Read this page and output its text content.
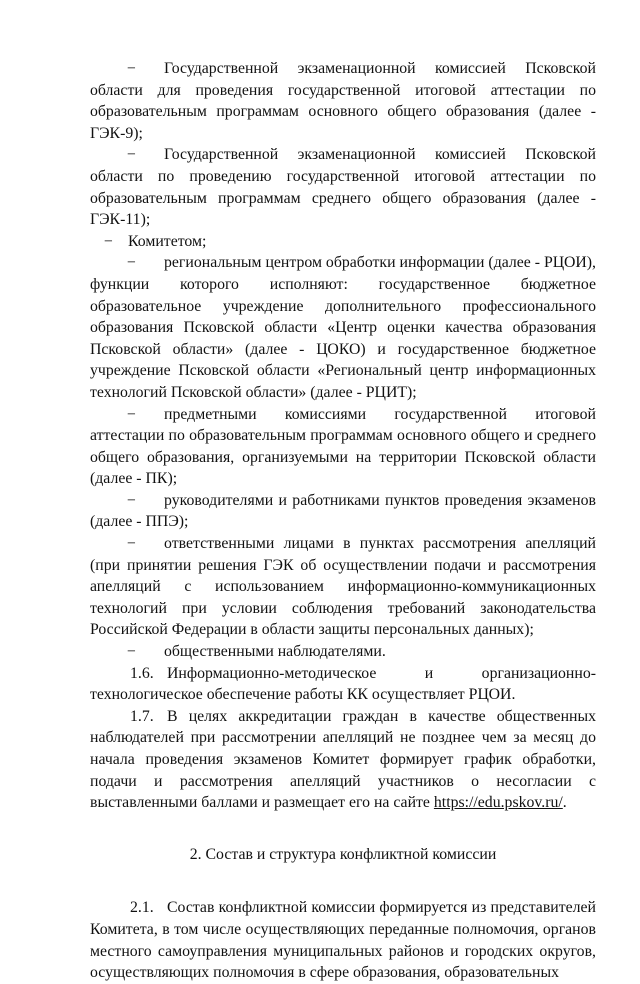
− Государственной экзаменационной комиссией Псковской области для проведения государственной итоговой аттестации по образовательным программам основного общего образования (далее - ГЭК-9);

− Государственной экзаменационной комиссией Псковской области по проведению государственной итоговой аттестации по образовательным программам среднего общего образования (далее - ГЭК-11);

− Комитетом;

− региональным центром обработки информации (далее - РЦОИ), функции которого исполняют: государственное бюджетное образовательное учреждение дополнительного профессионального образования Псковской области «Центр оценки качества образования Псковской области» (далее - ЦОКО) и государственное бюджетное учреждение Псковской области «Региональный центр информационных технологий Псковской области» (далее - РЦИТ);

− предметными комиссиями государственной итоговой аттестации по образовательным программам основного общего и среднего общего образования, организуемыми на территории Псковской области (далее - ПК);

− руководителями и работниками пунктов проведения экзаменов (далее - ППЭ);

− ответственными лицами в пунктах рассмотрения апелляций (при принятии решения ГЭК об осуществлении подачи и рассмотрения апелляций с использованием информационно-коммуникационных технологий при условии соблюдения требований законодательства Российской Федерации в области защиты персональных данных);

− общественными наблюдателями.

1.6. Информационно-методическое и организационно-технологическое обеспечение работы КК осуществляет РЦОИ.

1.7. В целях аккредитации граждан в качестве общественных наблюдателей при рассмотрении апелляций не позднее чем за месяц до начала проведения экзаменов Комитет формирует график обработки, подачи и рассмотрения апелляций участников о несогласии с выставленными баллами и размещает его на сайте https://edu.pskov.ru/.

2. Состав и структура конфликтной комиссии

2.1. Состав конфликтной комиссии формируется из представителей Комитета, в том числе осуществляющих переданные полномочия, органов местного самоуправления муниципальных районов и городских округов, осуществляющих полномочия в сфере образования, образовательных
